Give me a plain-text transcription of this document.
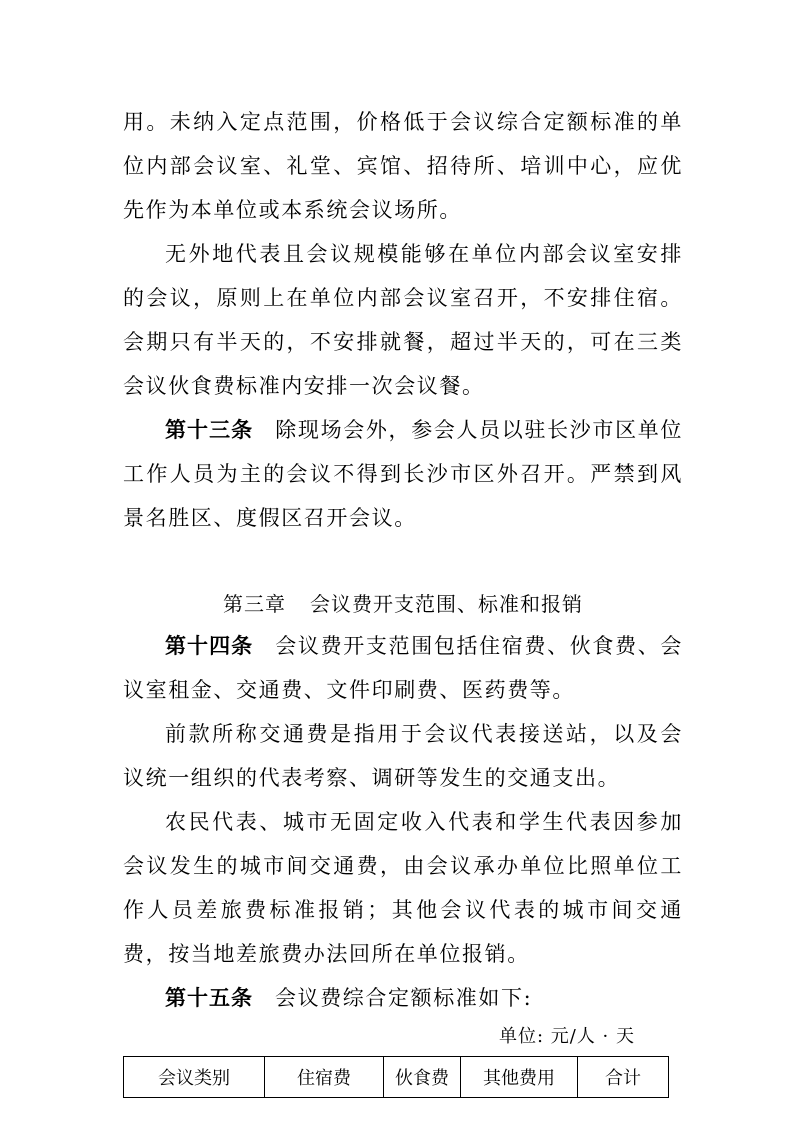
用。未纳入定点范围，价格低于会议综合定额标准的单位内部会议室、礼堂、宾馆、招待所、培训中心，应优先作为本单位或本系统会议场所。

无外地代表且会议规模能够在单位内部会议室安排的会议，原则上在单位内部会议室召开，不安排住宿。会期只有半天的，不安排就餐，超过半天的，可在三类会议伙食费标准内安排一次会议餐。

第十三条 除现场会外，参会人员以驻长沙市区单位工作人员为主的会议不得到长沙市区外召开。严禁到风景名胜区、度假区召开会议。

第三章 会议费开支范围、标准和报销

第十四条 会议费开支范围包括住宿费、伙食费、会议室租金、交通费、文件印刷费、医药费等。

前款所称交通费是指用于会议代表接送站，以及会议统一组织的代表考察、调研等发生的交通支出。

农民代表、城市无固定收入代表和学生代表因参加会议发生的城市间交通费，由会议承办单位比照单位工作人员差旅费标准报销；其他会议代表的城市间交通费，按当地差旅费办法回所在单位报销。

第十五条 会议费综合定额标准如下:

单位: 元/人 · 天
会议类别	住宿费	伙食费	其他费用	合计
